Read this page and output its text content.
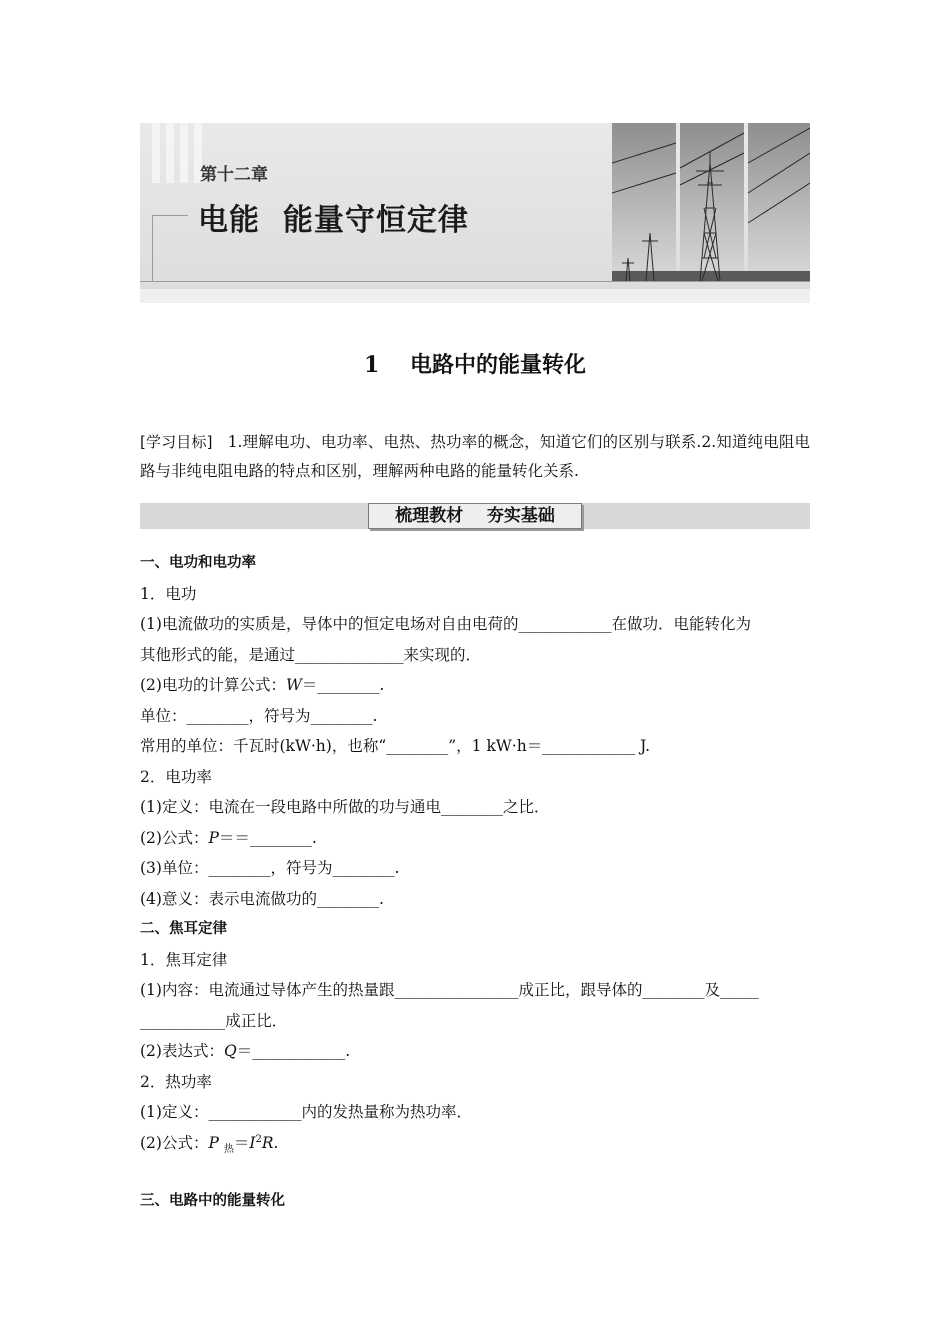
第十二章
电能  能量守恒定律
1 电路中的能量转化
[学习目标] 1.理解电功、电功率、电热、热功率的概念，知道它们的区别与联系.2.知道纯电阻电路与非纯电阻电路的特点和区别，理解两种电路的能量转化关系.
梳理教材    夯实基础
一、电功和电功率
1．电功
(1)电流做功的实质是，导体中的恒定电场对自由电荷的____________在做功．电能转化为
其他形式的能，是通过______________来实现的．
(2)电功的计算公式：W＝________.
单位：________，符号为________.
常用的单位：千瓦时(kW·h)，也称“________”，1 kW·h＝____________ J.
2．电功率
(1)定义：电流在一段电路中所做的功与通电________之比．
(2)公式：P＝＝________.
(3)单位：________，符号为________.
(4)意义：表示电流做功的________.
二、焦耳定律
1．焦耳定律
(1)内容：电流通过导体产生的热量跟________________成正比，跟导体的________及_____
___________成正比．
(2)表达式：Q＝____________.
2．热功率
(1)定义：____________内的发热量称为热功率．
(2)公式：P $_热=I^2R$.
三、电路中的能量转化
